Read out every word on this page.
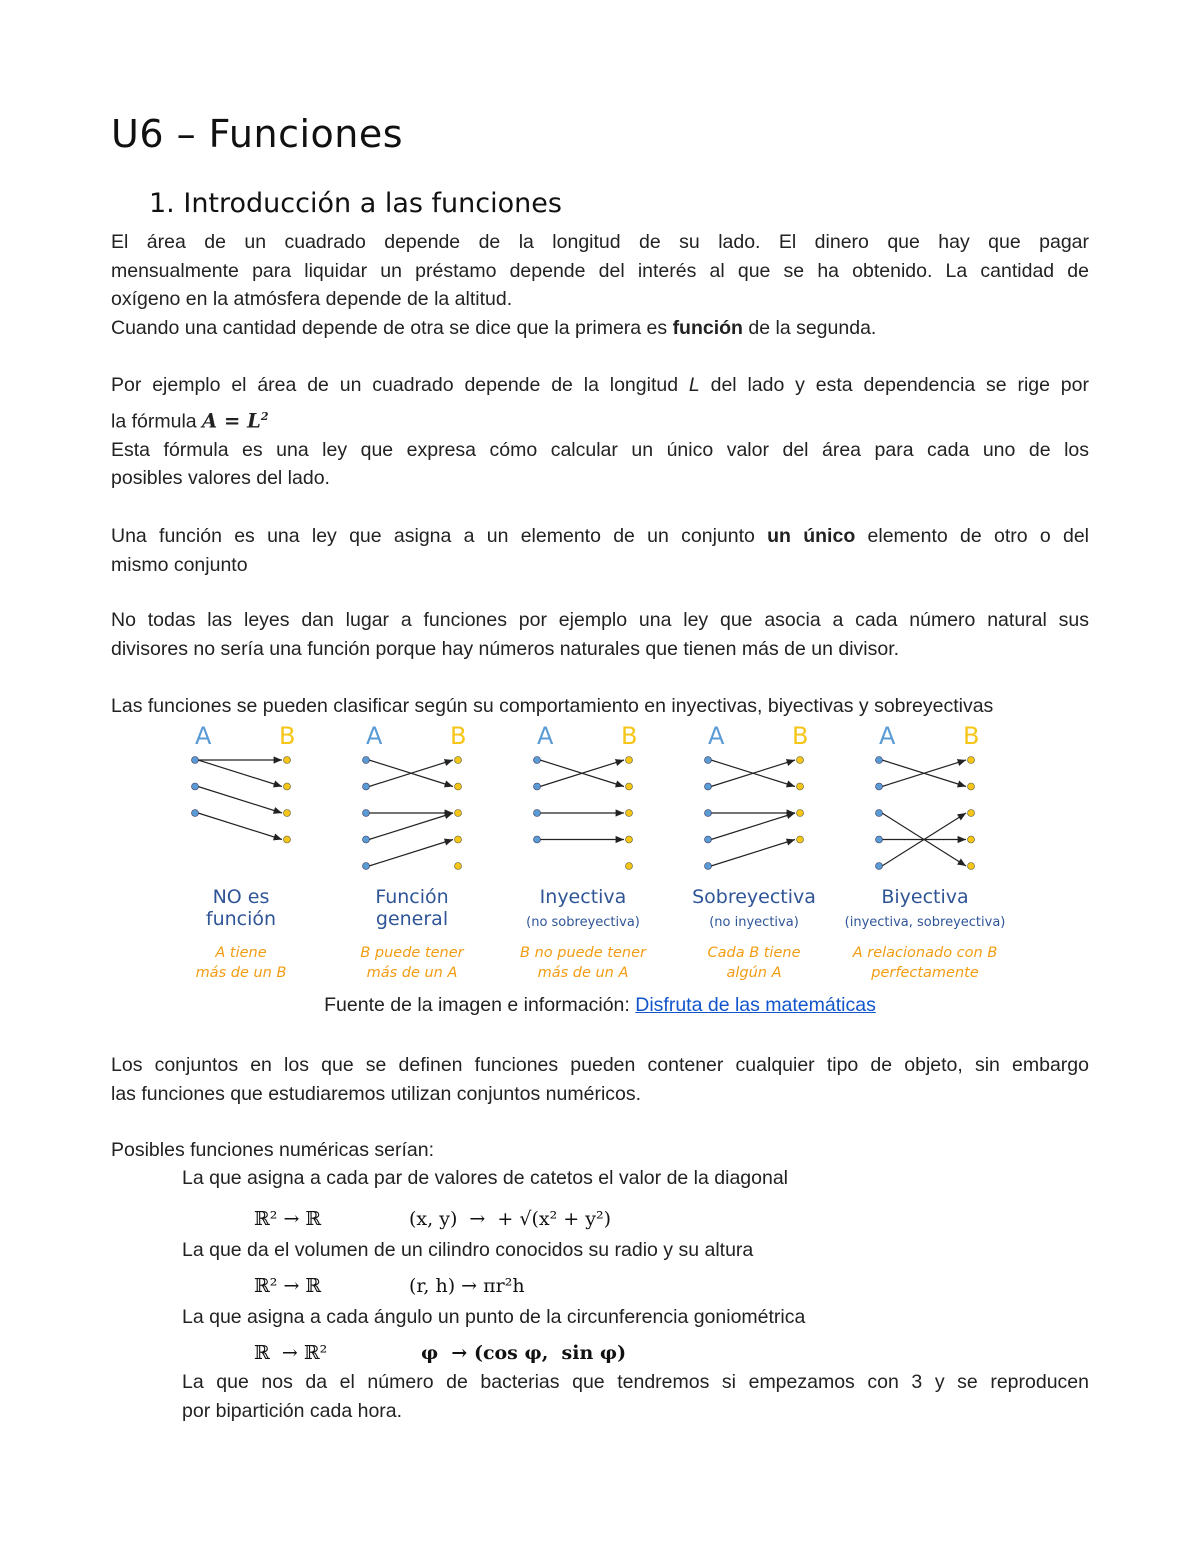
U6 – Funciones
1. Introducción a las funciones
El área de un cuadrado depende de la longitud de su lado. El dinero que hay que pagar
mensualmente para liquidar un préstamo depende del interés al que se ha obtenido. La cantidad de
oxígeno en la atmósfera depende de la altitud.
Cuando una cantidad depende de otra se dice que la primera es función de la segunda.
Por ejemplo el área de un cuadrado depende de la longitud L del lado y esta dependencia se rige por
la fórmula $A = L^2$
Esta fórmula es una ley que expresa cómo calcular un único valor del área para cada uno de los
posibles valores del lado.
Una función es una ley que asigna a un elemento de un conjunto un único elemento de otro o del
mismo conjunto
No todas las leyes dan lugar a funciones por ejemplo una ley que asocia a cada número natural sus
divisores no sería una función porque hay números naturales que tienen más de un divisor.
Las funciones se pueden clasificar según su comportamiento en inyectivas, biyectivas y sobreyectivas
Fuente de la imagen e información: Disfruta de las matemáticas
Los conjuntos en los que se definen funciones pueden contener cualquier tipo de objeto, sin embargo
las funciones que estudiaremos utilizan conjuntos numéricos.
Posibles funciones numéricas serían:
La que asigna a cada par de valores de catetos el valor de la diagonal
ℝ² → ℝ	(x, y)  →  + √(x² + y²)
La que da el volumen de un cilindro conocidos su radio y su altura
ℝ² → ℝ	(r, h) → πr²h
La que asigna a cada ángulo un punto de la circunferencia goniométrica
ℝ  → ℝ²	φ  → (cos φ,  sin φ)
La que nos da el número de bacterias que tendremos si empezamos con 3 y se reproducen
por bipartición cada hora.
A	B
NO es
función
A tiene
más de un B
A	B
Función
general
B puede tener
más de un A
A	B
Inyectiva
(no sobreyectiva)
B no puede tener
más de un A
A	B
Sobreyectiva
(no inyectiva)
Cada B tiene
algún A
A	B
Biyectiva
(inyectiva, sobreyectiva)
A relacionado con B
perfectamente
